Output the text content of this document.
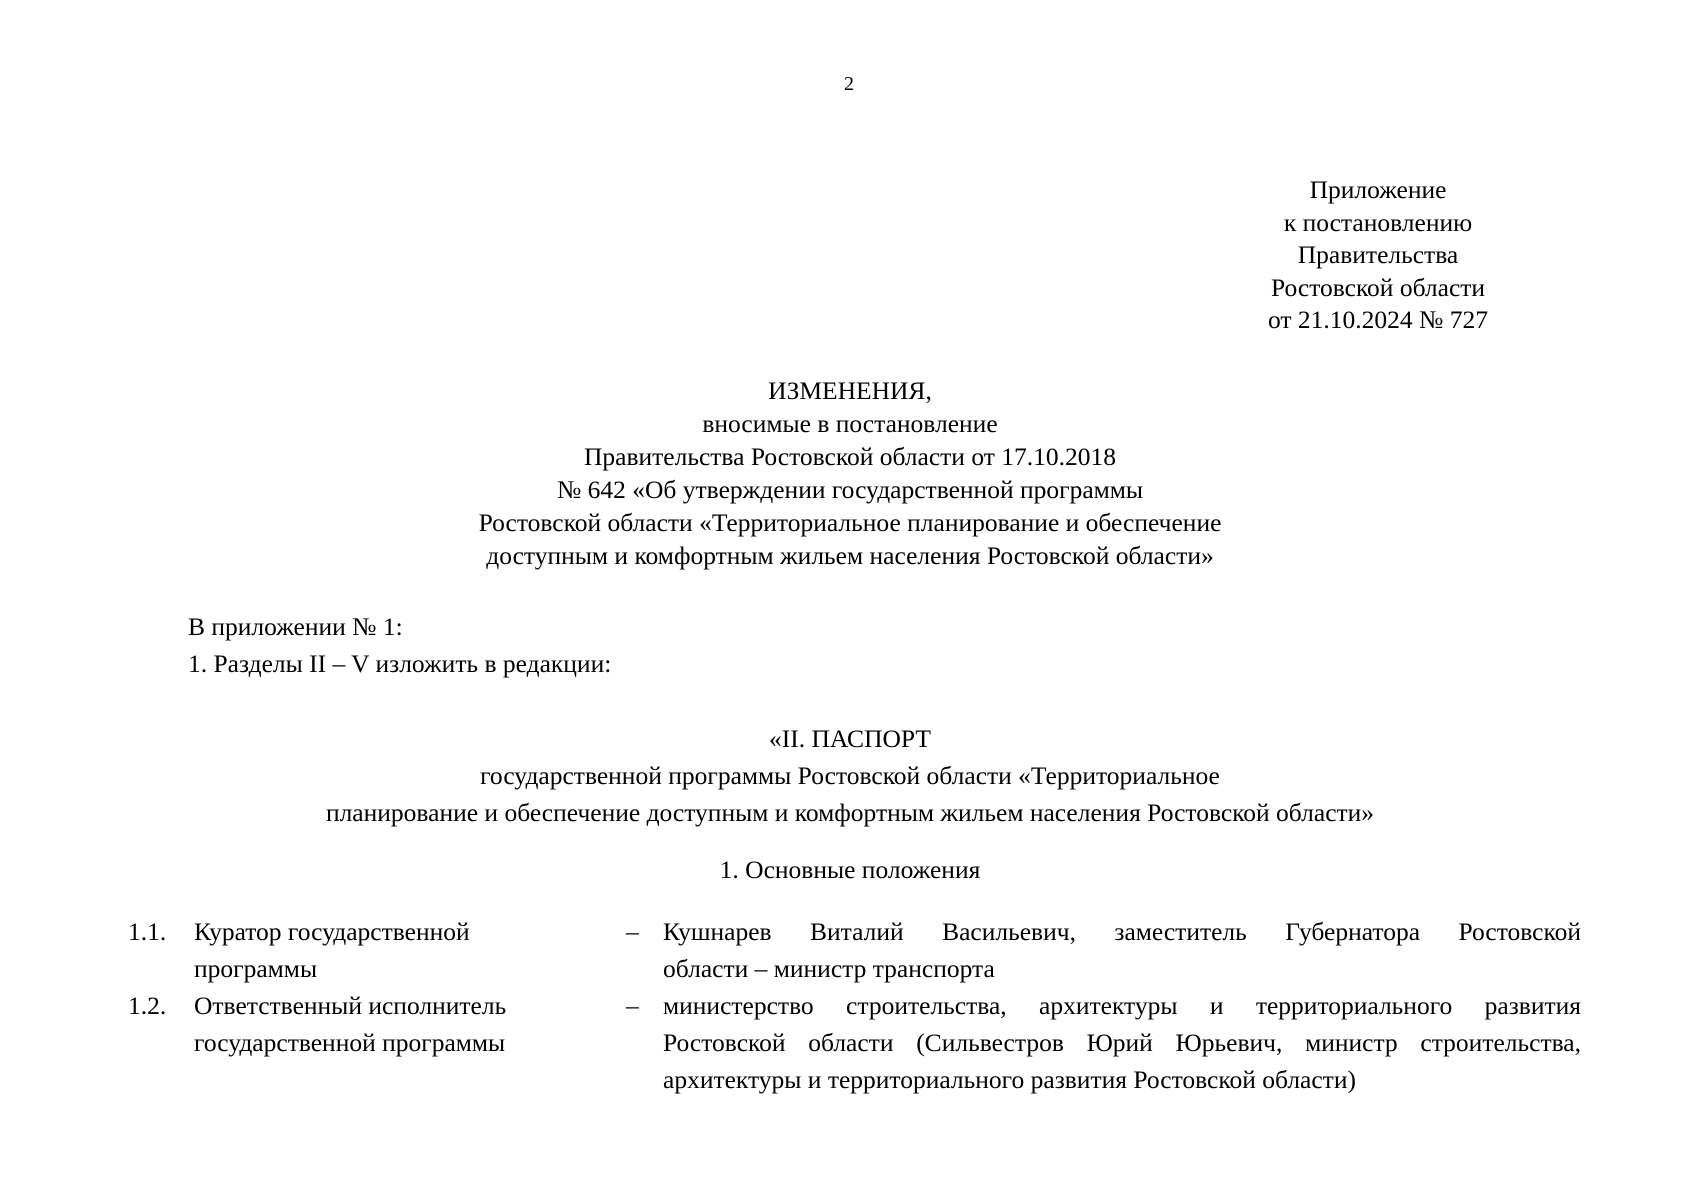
2
Приложение
к постановлению
Правительства
Ростовской области
от 21.10.2024 № 727
ИЗМЕНЕНИЯ,
вносимые в постановление
Правительства Ростовской области от 17.10.2018
№ 642 «Об утверждении государственной программы
Ростовской области «Территориальное планирование и обеспечение
доступным и комфортным жильем населения Ростовской области»
В приложении № 1:
1. Разделы II – V изложить в редакции:
«II. ПАСПОРТ
государственной программы Ростовской области «Территориальное
планирование и обеспечение доступным и комфортным жильем населения Ростовской области»
1. Основные положения
1.1. Куратор государственной
программы
– Кушнарев Виталий Васильевич, заместитель Губернатора Ростовской
области – министр транспорта
1.2. Ответственный исполнитель
государственной программы
– министерство строительства, архитектуры и территориального развития
Ростовской области (Сильвестров Юрий Юрьевич, министр строительства,
архитектуры и территориального развития Ростовской области)
